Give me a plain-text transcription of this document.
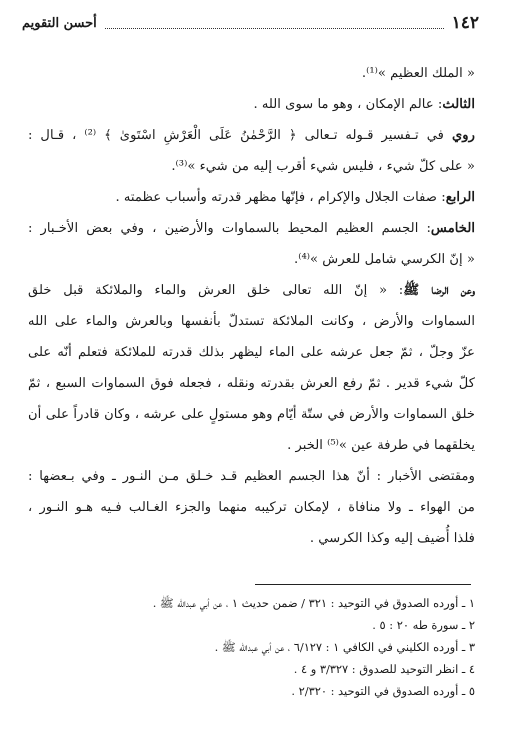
١٤٢
أحسن التقويم
« الملك العظيم »⁽¹⁾.
الثالث: عالم الإمكان ، وهو ما سوى الله .
روي في تـفسير قـوله تـعالى ﴿ الرَّحْمٰنُ عَلَى الْعَرْشِ اسْتَوىٰ ﴾ ⁽²⁾ ، قـال :
« على كلّ شيء ، فليس شيء أقرب إليه من شيء »⁽³⁾.
الرابع: صفات الجلال والإكرام ، فإنّها مظهر قدرته وأسباب عظمته .
الخامس: الجسم العظيم المحيط بالسماوات والأرضين ، وفي بعض الأخـبار :
« إنّ الكرسي شامل للعرش »⁽⁴⁾.
وعن الرضا ﷺ: « إنّ الله تعالى خلق العرش والماء والملائكة قبل خلق
السماوات والأرض ، وكانت الملائكة تستدلّ بأنفسها وبالعرش والماء على الله
عزّ وجلّ ، ثمّ جعل عرشه على الماء ليظهر بذلك قدرته للملائكة فتعلم أنّه على
كلّ شيء قدير . ثمّ رفع العرش بقدرته ونقله ، فجعله فوق السماوات السبع ، ثمّ
خلق السماوات والأرض في ستّة أيّام وهو مستولٍ على عرشه ، وكان قادراً على أن
يخلقهما في طرفة عين »⁽⁵⁾ الخبر .
ومقتضى الأخبار : أنّ هذا الجسم العظيم قـد خـلق مـن النـور ـ وفي بـعضها :
من الهواء ـ ولا منافاة ، لإمكان تركيبه منهما والجزء الغـالب فـيه هـو النـور ،
فلذا أُضيف إليه وكذا الكرسي .
١ ـ أورده الصدوق في التوحيد : ٣٢١ / ضمن حديث ١ ، عن أبي عبدالله ﷺ .
٢ ـ سورة طه ٢٠ : ٥ .
٣ ـ أورده الكليني في الكافي ١ : ٦/١٢٧ ، عن أبي عبدالله ﷺ .
٤ ـ انظر التوحيد للصدوق : ٣/٣٢٧ و ٤ .
٥ ـ أورده الصدوق في التوحيد : ٢/٣٢٠ .
